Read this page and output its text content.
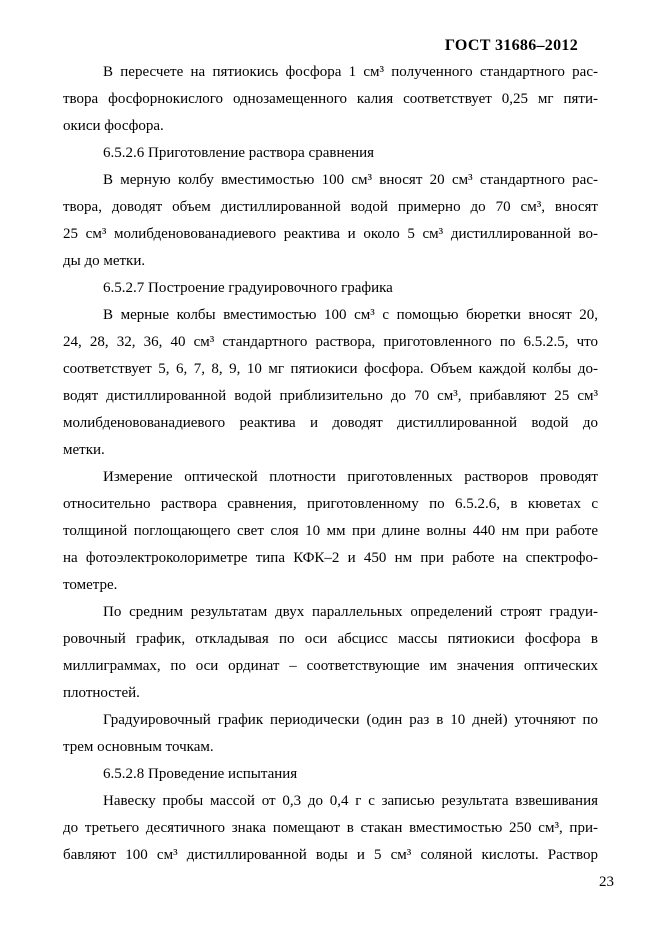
ГОСТ 31686–2012
В пересчете на пятиокись фосфора 1 см³ полученного стандартного рас-
твора фосфорнокислого однозамещенного калия соответствует 0,25 мг пяти-
окиси фосфора.
6.5.2.6 Приготовление раствора сравнения
В мерную колбу вместимостью 100 см³ вносят 20 см³ стандартного рас-
твора, доводят объем дистиллированной водой примерно до 70 см³, вносят
25 см³ молибденовованадиевого реактива и около 5 см³ дистиллированной во-
ды до метки.
6.5.2.7 Построение градуировочного графика
В мерные колбы вместимостью 100 см³ с помощью бюретки вносят 20,
24, 28, 32, 36, 40 см³ стандартного раствора, приготовленного по 6.5.2.5, что
соответствует 5, 6, 7, 8, 9, 10 мг пятиокиси фосфора. Объем каждой колбы до-
водят дистиллированной водой приблизительно до 70 см³, прибавляют 25 см³
молибденовованадиевого реактива и доводят дистиллированной водой до
метки.
Измерение оптической плотности приготовленных растворов проводят
относительно раствора сравнения, приготовленному по 6.5.2.6, в кюветах с
толщиной поглощающего свет слоя 10 мм при длине волны 440 нм при работе
на фотоэлектроколориметре типа КФК–2 и 450 нм при работе на спектрофо-
тометре.
По средним результатам двух параллельных определений строят градуи-
ровочный график, откладывая по оси абсцисс массы пятиокиси фосфора в
миллиграммах, по оси ординат – соответствующие им значения оптических
плотностей.
Градуировочный график периодически (один раз в 10 дней) уточняют по
трем основным точкам.
6.5.2.8 Проведение испытания
Навеску пробы массой от 0,3 до 0,4 г с записью результата взвешивания
до третьего десятичного знака помещают в стакан вместимостью 250 см³, при-
бавляют 100 см³ дистиллированной воды и 5 см³ соляной кислоты. Раствор
23
